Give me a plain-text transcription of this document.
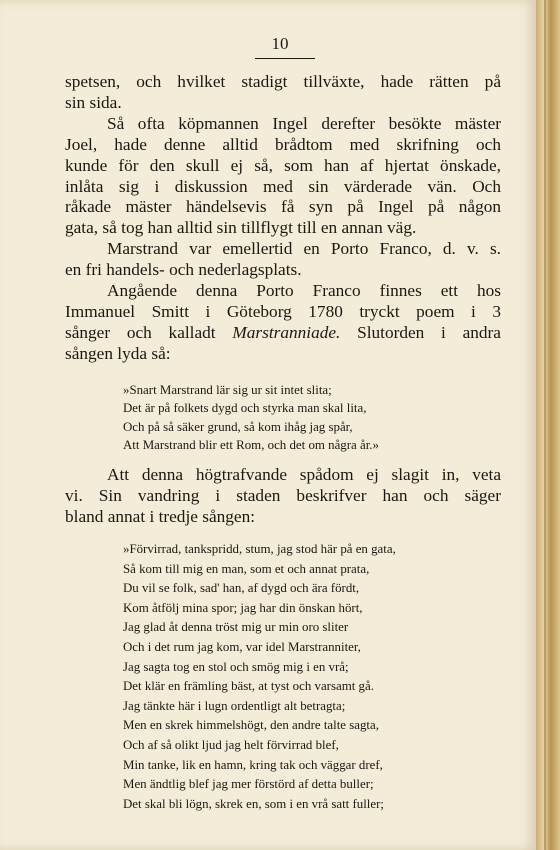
10

spetsen, och hvilket stadigt tillväxte, hade rätten på
sin sida.

Så ofta köpmannen Ingel derefter besökte mäster
Joel, hade denne alltid brådtom med skrifning och
kunde för den skull ej så, som han af hjertat önskade,
inlåta sig i diskussion med sin värderade vän. Och
råkade mäster händelsevis få syn på Ingel på någon
gata, så tog han alltid sin tillflygt till en annan väg.

Marstrand var emellertid en Porto Franco, d. v. s.
en fri handels- och nederlagsplats.

Angående denna Porto Franco finnes ett hos
Immanuel Smitt i Göteborg 1780 tryckt poem i 3
sånger och kalladt Marstranniade. Slutorden i andra
sången lyda så:

»Snart Marstrand lär sig ur sit intet slita;
Det är på folkets dygd och styrka man skal lita,
Och på så säker grund, så kom ihåg jag spår,
Att Marstrand blir ett Rom, och det om några år.»

Att denna högtrafvande spådom ej slagit in, veta
vi. Sin vandring i staden beskrifver han och säger
bland annat i tredje sången:

»Förvirrad, tankspridd, stum, jag stod här på en gata,
Så kom till mig en man, som et och annat prata,
Du vil se folk, sad' han, af dygd och ära fördt,
Kom åtfölj mina spor; jag har din önskan hört,
Jag glad åt denna tröst mig ur min oro sliter
Och i det rum jag kom, var idel Marstranniter,
Jag sagta tog en stol och smög mig i en vrå;
Det klär en främling bäst, at tyst och varsamt gå.
Jag tänkte här i lugn ordentligt alt betragta;
Men en skrek himmelshögt, den andre talte sagta,
Och af så olikt ljud jag helt förvirrad blef,
Min tanke, lik en hamn, kring tak och väggar dref,
Men ändtlig blef jag mer förstörd af detta buller;
Det skal bli lögn, skrek en, som i en vrå satt fuller;
